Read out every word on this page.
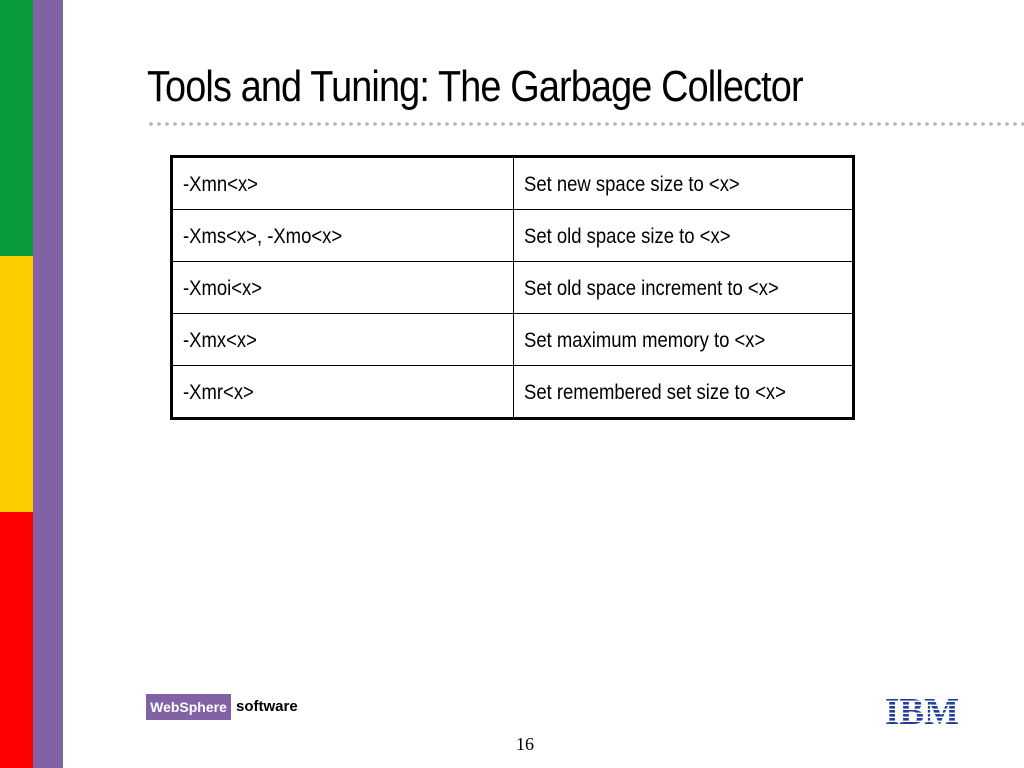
Tools and Tuning: The Garbage Collector
-Xmn<x>	Set new space size to <x>
-Xms<x>, -Xmo<x>	Set old space size to <x>
-Xmoi<x>	Set old space increment to <x>
-Xmx<x>	Set maximum memory to <x>
-Xmr<x>	Set remembered set size to <x>
WebSphere software	IBM
16
